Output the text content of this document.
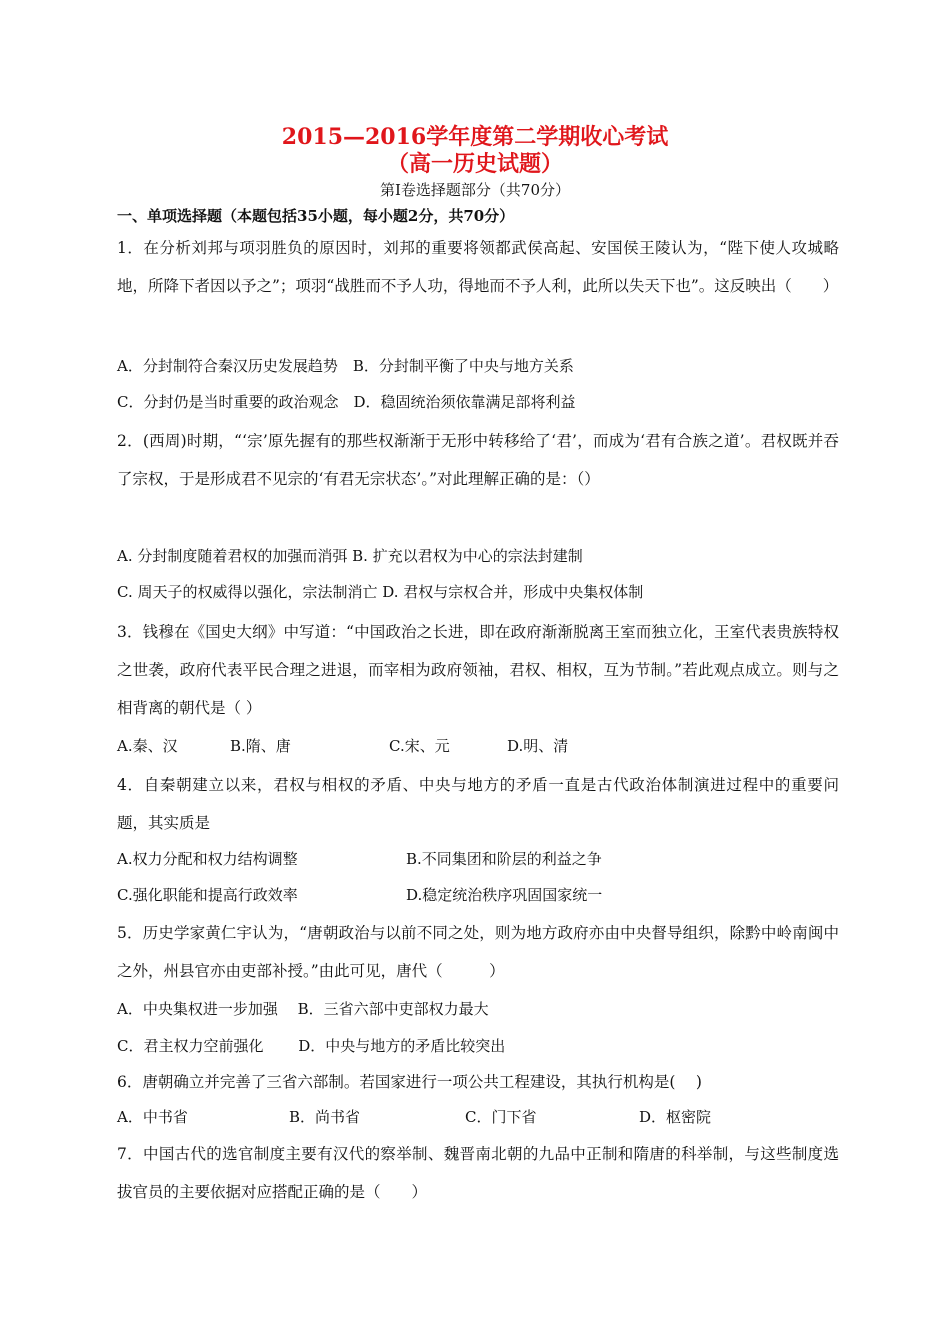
2015—2016学年度第二学期收心考试
（高一历史试题）
第Ⅰ卷选择题部分（共70分）
一、单项选择题（本题包括35小题，每小题2分，共70分）
1．在分析刘邦与项羽胜负的原因时，刘邦的重要将领都武侯高起、安国侯王陵认为，“陛下使人攻城略地，所降下者因以予之”；项羽“战胜而不予人功，得地而不予人利，此所以失天下也”。这反映出（　　）
A．分封制符合秦汉历史发展趋势　B．分封制平衡了中央与地方关系
C．分封仍是当时重要的政治观念　D．稳固统治须依靠满足部将利益
2．(西周)时期，“‘宗’原先握有的那些权渐渐于无形中转移给了‘君’，而成为‘君有合族之道’。君权既并吞了宗权，于是形成君不见宗的‘有君无宗状态’。”对此理解正确的是：（）
A. 分封制度随着君权的加强而消弭 B. 扩充以君权为中心的宗法封建制
C. 周天子的权威得以强化，宗法制消亡 D. 君权与宗权合并，形成中央集权体制
3．钱穆在《国史大纲》中写道：“中国政治之长进，即在政府渐渐脱离王室而独立化，王室代表贵族特权之世袭，政府代表平民合理之进退，而宰相为政府领袖，君权、相权，互为节制。”若此观点成立。则与之相背离的朝代是（ ）
A.秦、汉	B.隋、唐	C.宋、元	D.明、清
4．自秦朝建立以来，君权与相权的矛盾、中央与地方的矛盾一直是古代政治体制演进过程中的重要问题，其实质是
A.权力分配和权力结构调整	B.不同集团和阶层的利益之争
C.强化职能和提高行政效率	D.稳定统治秩序巩固国家统一
5．历史学家黄仁宇认为，“唐朝政治与以前不同之处，则为地方政府亦由中央督导组织，除黔中岭南闽中之外，州县官亦由吏部补授。”由此可见，唐代（　　　）
A．中央集权进一步加强　 B．三省六部中吏部权力最大
C．君主权力空前强化　　 D．中央与地方的矛盾比较突出
6．唐朝确立并完善了三省六部制。若国家进行一项公共工程建设，其执行机构是(　 )
A．中书省	B．尚书省	C．门下省	D．枢密院
7．中国古代的选官制度主要有汉代的察举制、魏晋南北朝的九品中正制和隋唐的科举制，与这些制度选拔官员的主要依据对应搭配正确的是（　　）
